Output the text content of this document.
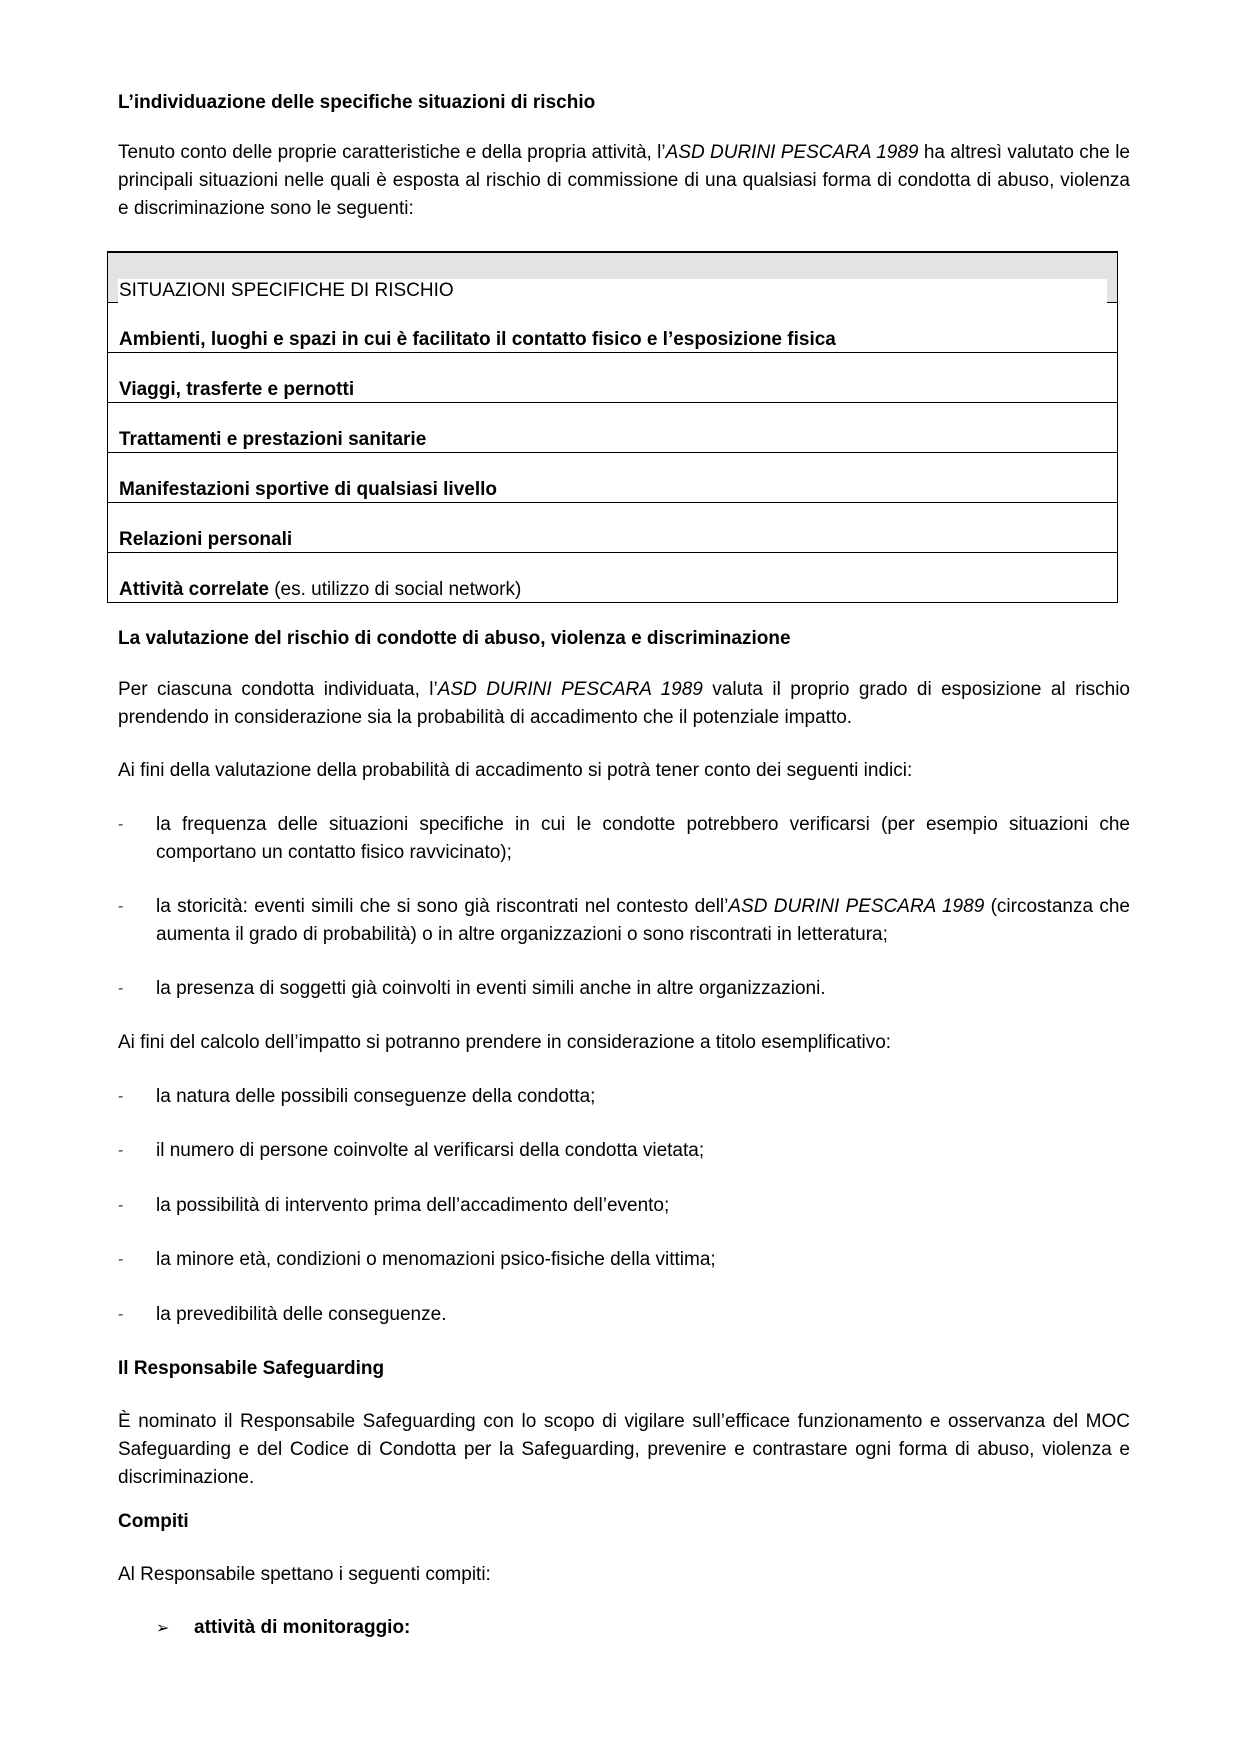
L’individuazione delle specifiche situazioni di rischio

Tenuto conto delle proprie caratteristiche e della propria attività, l’ASD DURINI PESCARA 1989 ha altresì valutato che le principali situazioni nelle quali è esposta al rischio di commissione di una qualsiasi forma di condotta di abuso, violenza e discriminazione sono le seguenti:

SITUAZIONI SPECIFICHE DI RISCHIO
Ambienti, luoghi e spazi in cui è facilitato il contatto fisico e l’esposizione fisica
Viaggi, trasferte e pernotti
Trattamenti e prestazioni sanitarie
Manifestazioni sportive di qualsiasi livello
Relazioni personali
Attività correlate (es. utilizzo di social network)
La valutazione del rischio di condotte di abuso, violenza e discriminazione

Per ciascuna condotta individuata, l’ASD DURINI PESCARA 1989 valuta il proprio grado di esposizione al rischio prendendo in considerazione sia la probabilità di accadimento che il potenziale impatto.

Ai fini della valutazione della probabilità di accadimento si potrà tener conto dei seguenti indici:

-	la frequenza delle situazioni specifiche in cui le condotte potrebbero verificarsi (per esempio situazioni che comportano un contatto fisico ravvicinato);
-	la storicità: eventi simili che si sono già riscontrati nel contesto dell’ASD DURINI PESCARA 1989 (circostanza che aumenta il grado di probabilità) o in altre organizzazioni o sono riscontrati in letteratura;
-	la presenza di soggetti già coinvolti in eventi simili anche in altre organizzazioni.

Ai fini del calcolo dell’impatto si potranno prendere in considerazione a titolo esemplificativo:

-	la natura delle possibili conseguenze della condotta;
-	il numero di persone coinvolte al verificarsi della condotta vietata;
-	la possibilità di intervento prima dell’accadimento dell’evento;
-	la minore età, condizioni o menomazioni psico-fisiche della vittima;
-	la prevedibilità delle conseguenze.
Il Responsabile Safeguarding

È nominato il Responsabile Safeguarding con lo scopo di vigilare sull’efficace funzionamento e osservanza del MOC Safeguarding e del Codice di Condotta per la Safeguarding, prevenire e contrastare ogni forma di abuso, violenza e discriminazione.

Compiti

Al Responsabile spettano i seguenti compiti:

➢ attività di monitoraggio:
